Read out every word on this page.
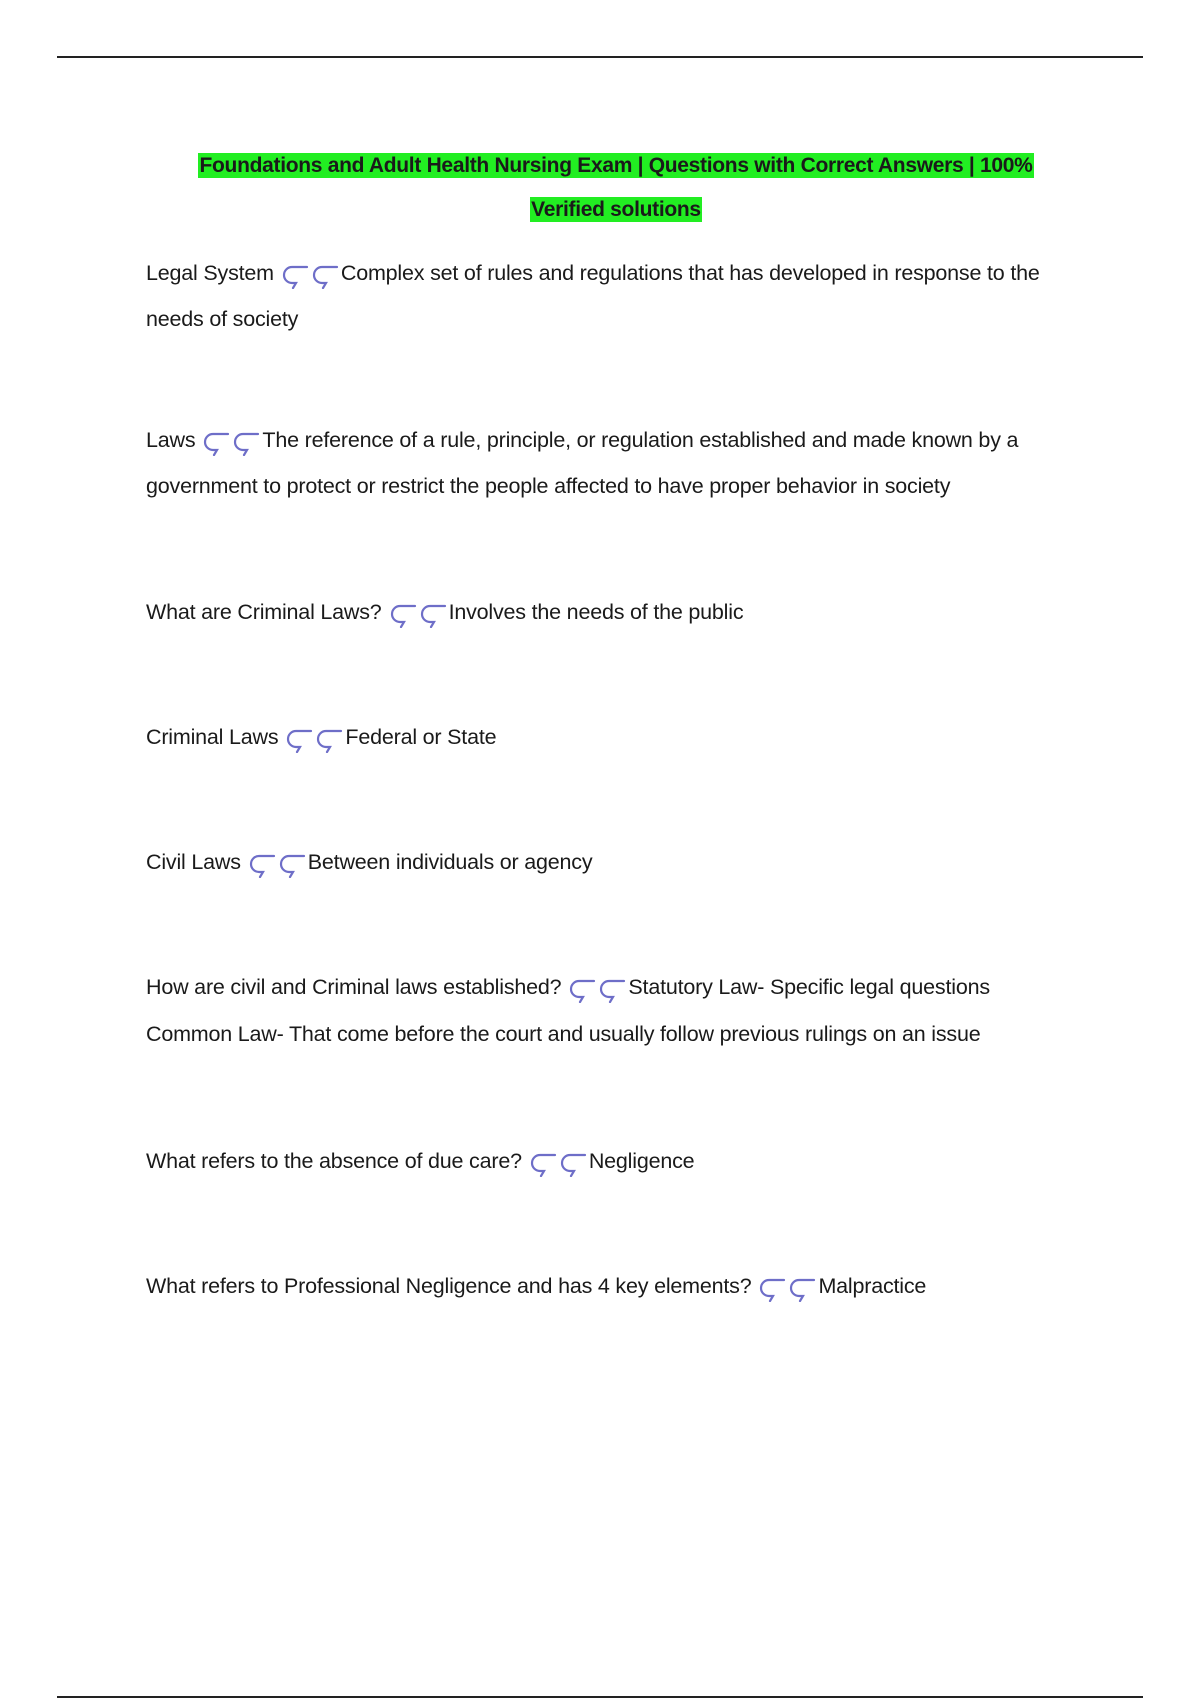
Foundations and Adult Health Nursing Exam | Questions with Correct Answers | 100%
Verified solutions
Legal System	Complex set of rules and regulations that has developed in response to the needs of society
Laws	The reference of a rule, principle, or regulation established and made known by a government to protect or restrict the people affected to have proper behavior in society
What are Criminal Laws?	Involves the needs of the public
Criminal Laws	Federal or State
Civil Laws	Between individuals or agency
How are civil and Criminal laws established?	Statutory Law- Specific legal questions
Common Law- That come before the court and usually follow previous rulings on an issue
What refers to the absence of due care?	Negligence
What refers to Professional Negligence and has 4 key elements?	Malpractice
